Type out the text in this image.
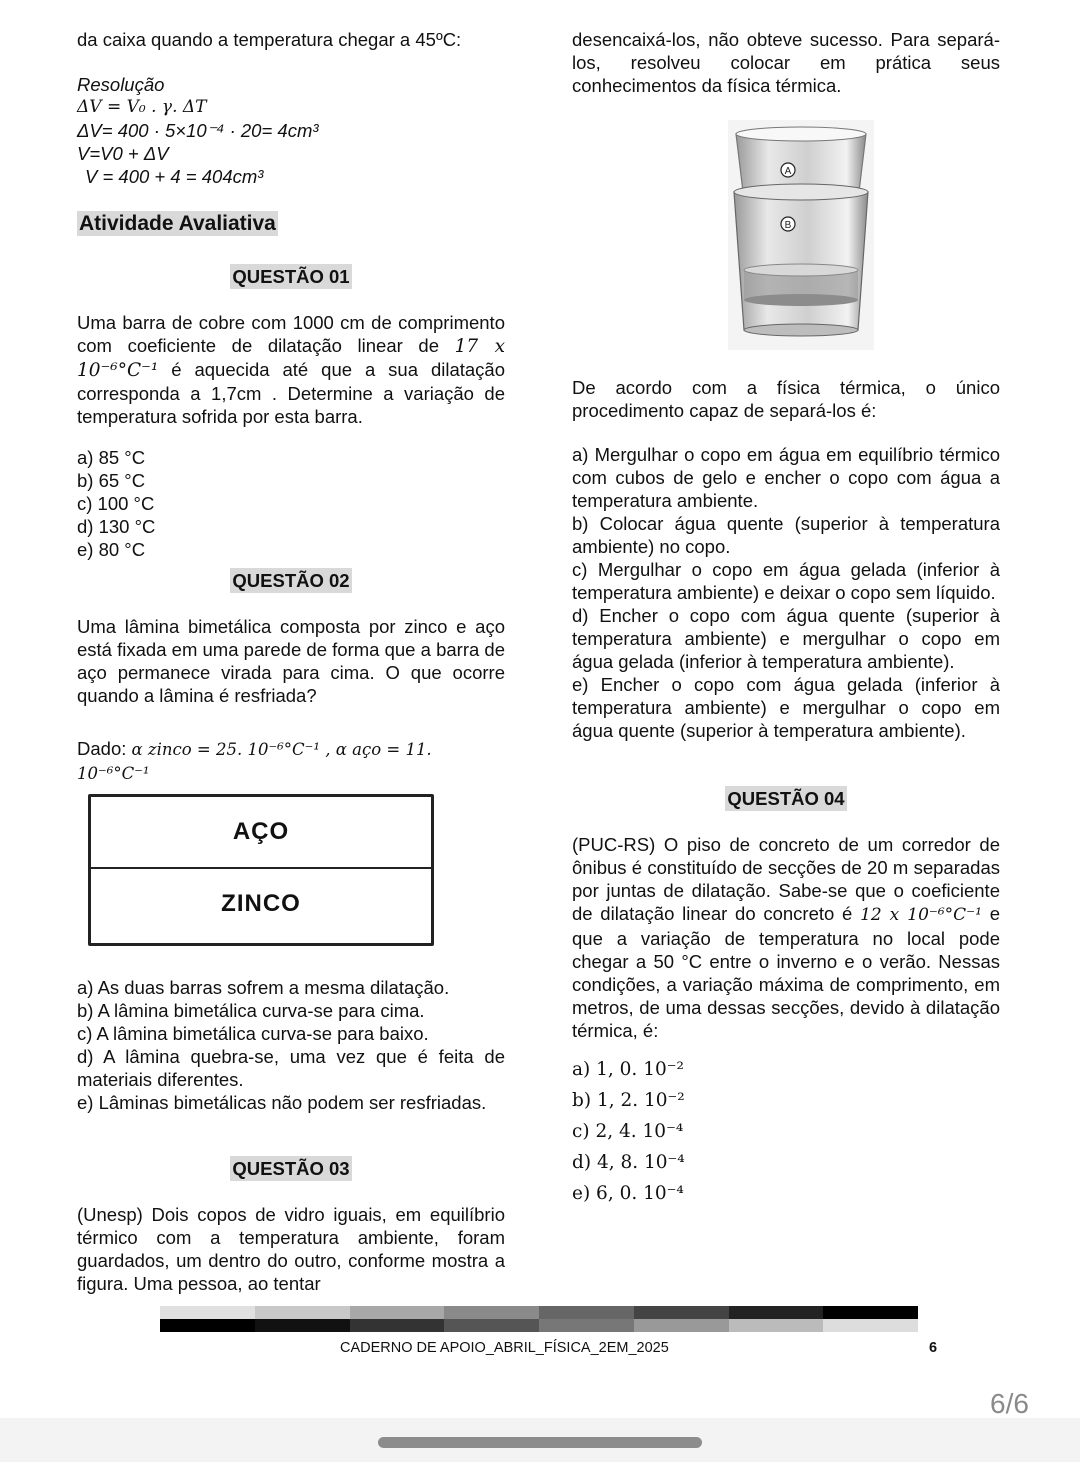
da caixa quando a temperatura chegar a 45ºC:

Resolução

ΔV = V₀ . γ. ΔT

ΔV= 400 · 5×10⁻⁴ · 20= 4cm³

V=V0 + ΔV

V = 400 + 4 = 404cm³

Atividade Avaliativa
QUESTÃO 01

Uma barra de cobre com 1000 cm de comprimento com coeficiente de dilatação linear de 17 x 10⁻⁶°C⁻¹ é aquecida até que a sua dilatação corresponda a 1,7cm . Determine a variação de temperatura sofrida por esta barra.

a) 85 °C

b) 65 °C

c) 100 °C

d) 130 °C

e) 80 °C

QUESTÃO 02

Uma lâmina bimetálica composta por zinco e aço está fixada em uma parede de forma que a barra de aço permanece virada para cima. O que ocorre quando a lâmina é resfriada?

Dado: α zinco = 25. 10⁻⁶°C⁻¹ , α aço = 11. 10⁻⁶°C⁻¹

AÇO
ZINCO

a) As duas barras sofrem a mesma dilatação.

b) A lâmina bimetálica curva-se para cima.

c) A lâmina bimetálica curva-se para baixo.

d) A lâmina quebra-se, uma vez que é feita de materiais diferentes.

e) Lâminas bimetálicas não podem ser resfriadas.

QUESTÃO 03

(Unesp) Dois copos de vidro iguais, em equilíbrio térmico com a temperatura ambiente, foram guardados, um dentro do outro, conforme mostra a figura. Uma pessoa, ao tentar

desencaixá-los, não obteve sucesso. Para separá-los, resolveu colocar em prática seus conhecimentos da física térmica.

A
B

De acordo com a física térmica, o único procedimento capaz de separá-los é:

a) Mergulhar o copo em água em equilíbrio térmico com cubos de gelo e encher o copo com água a temperatura ambiente.

b) Colocar água quente (superior à temperatura ambiente) no copo.

c) Mergulhar o copo em água gelada (inferior à temperatura ambiente) e deixar o copo sem líquido.

d) Encher o copo com água quente (superior à temperatura ambiente) e mergulhar o copo em água gelada (inferior à temperatura ambiente).

e) Encher o copo com água gelada (inferior à temperatura ambiente) e mergulhar o copo em água quente (superior à temperatura ambiente).

QUESTÃO 04

(PUC-RS) O piso de concreto de um corredor de ônibus é constituído de secções de 20 m separadas por juntas de dilatação. Sabe-se que o coeficiente de dilatação linear do concreto é 12 x 10⁻⁶°C⁻¹ e que a variação de temperatura no local pode chegar a 50 °C entre o inverno e o verão. Nessas condições, a variação máxima de comprimento, em metros, de uma dessas secções, devido à dilatação térmica, é:

a) 1, 0. 10⁻²

b) 1, 2. 10⁻²

c) 2, 4. 10⁻⁴

d) 4, 8. 10⁻⁴

e) 6, 0. 10⁻⁴

CADERNO DE APOIO_ABRIL_FÍSICA_2EM_2025	6
6/6
